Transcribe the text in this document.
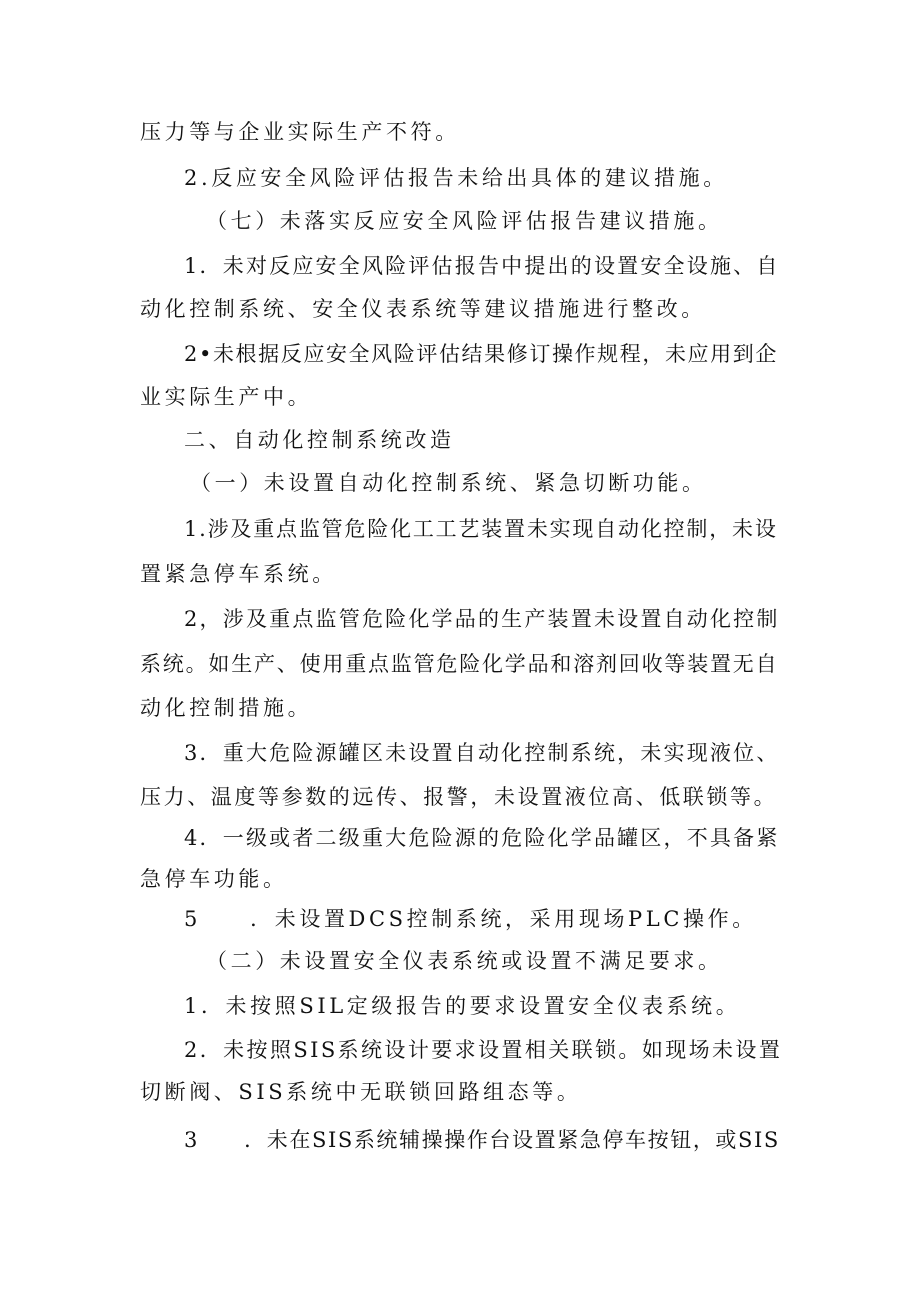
压力等与企业实际生产不符。
2.反应安全风险评估报告未给出具体的建议措施。
（七）未落实反应安全风险评估报告建议措施。
1．未对反应安全风险评估报告中提出的设置安全设施、自
动化控制系统、安全仪表系统等建议措施进行整改。
2•未根据反应安全风险评估结果修订操作规程，未应用到企
业实际生产中。
二、自动化控制系统改造
（一）未设置自动化控制系统、紧急切断功能。
1.涉及重点监管危险化工工艺装置未实现自动化控制，未设
置紧急停车系统。
2，涉及重点监管危险化学品的生产装置未设置自动化控制
系统。如生产、使用重点监管危险化学品和溶剂回收等装置无自
动化控制措施。
3．重大危险源罐区未设置自动化控制系统，未实现液位、
压力、温度等参数的远传、报警，未设置液位高、低联锁等。
4．一级或者二级重大危险源的危险化学品罐区，不具备紧
急停车功能。
5　　．未设置DCS控制系统，采用现场PLC操作。
（二）未设置安全仪表系统或设置不满足要求。
1．未按照SIL定级报告的要求设置安全仪表系统。
2．未按照SIS系统设计要求设置相关联锁。如现场未设置
切断阀、SIS系统中无联锁回路组态等。
3　　．未在SIS系统辅操操作台设置紧急停车按钮，或SIS
